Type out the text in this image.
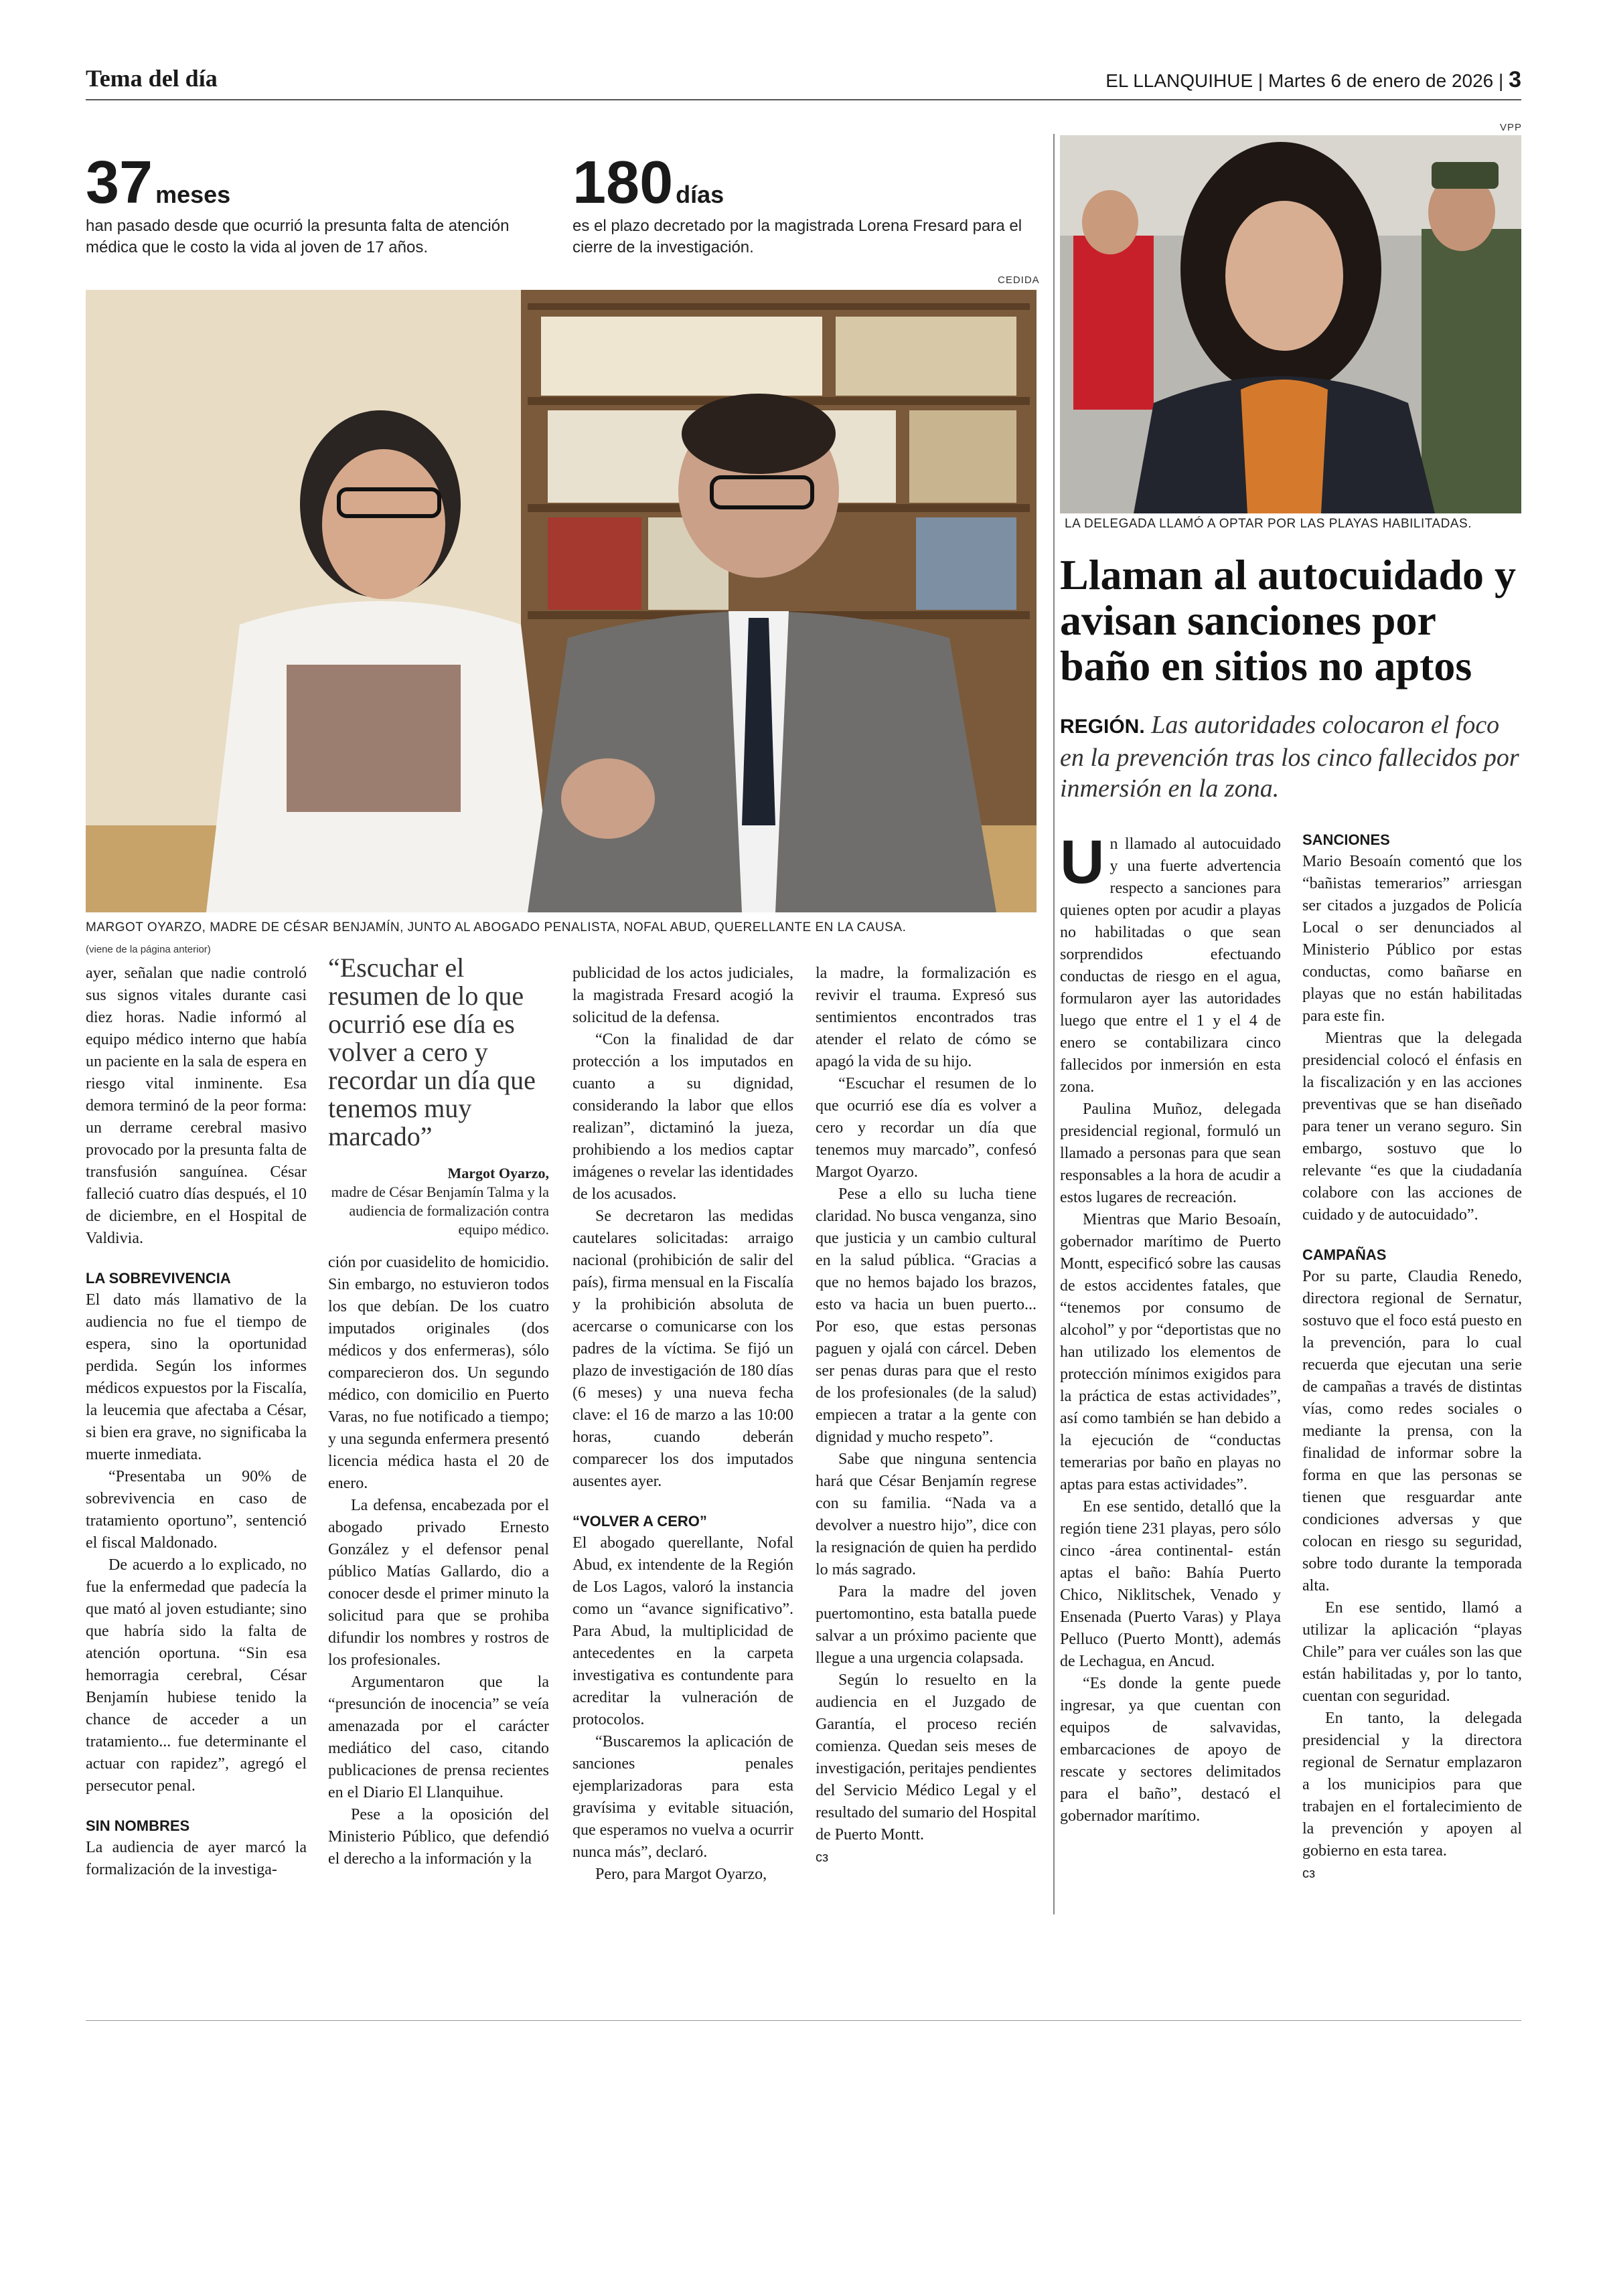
Tema del día	EL LLANQUIHUE | Martes 6 de enero de 2026 | 3
37 meses
han pasado desde que ocurrió la presunta falta de atención médica que le costo la vida al joven de 17 años.
180 días
es el plazo decretado por la magistrada Lorena Fresard para el cierre de la investigación.
CEDIDA
MARGOT OYARZO, MADRE DE CÉSAR BENJAMÍN, JUNTO AL ABOGADO PENALISTA, NOFAL ABUD, QUERELLANTE EN LA CAUSA.
(viene de la página anterior)

ayer, señalan que nadie controló sus signos vitales durante casi diez horas. Nadie informó al equipo médico interno que había un paciente en la sala de espera en riesgo vital inminente. Esa demora terminó de la peor forma: un derrame cerebral masivo provocado por la presunta falta de transfusión sanguínea. César falleció cuatro días después, el 10 de diciembre, en el Hospital de Valdivia.

LA SOBREVIVENCIA

El dato más llamativo de la audiencia no fue el tiempo de espera, sino la oportunidad perdida. Según los informes médicos expuestos por la Fiscalía, la leucemia que afectaba a César, si bien era grave, no significaba la muerte inmediata.

“Presentaba un 90% de sobrevivencia en caso de tratamiento oportuno”, sentenció el fiscal Maldonado.

De acuerdo a lo explicado, no fue la enfermedad que padecía la que mató al joven estudiante; sino que habría sido la falta de atención oportuna. “Sin esa hemorragia cerebral, César Benjamín hubiese tenido la chance de acceder a un tratamiento... fue determinante el actuar con rapidez”, agregó el persecutor penal.

SIN NOMBRES

La audiencia de ayer marcó la formalización de la investiga-

“Escuchar el resumen de lo que ocurrió ese día es volver a cero y recordar un día que tenemos muy marcado”
Margot Oyarzo,
madre de César Benjamín Talma y la audiencia de formalización contra equipo médico.

ción por cuasidelito de homicidio. Sin embargo, no estuvieron todos los que debían. De los cuatro imputados originales (dos médicos y dos enfermeras), sólo comparecieron dos. Un segundo médico, con domicilio en Puerto Varas, no fue notificado a tiempo; y una segunda enfermera presentó licencia médica hasta el 20 de enero.

La defensa, encabezada por el abogado privado Ernesto González y el defensor penal público Matías Gallardo, dio a conocer desde el primer minuto la solicitud para que se prohiba difundir los nombres y rostros de los profesionales.

Argumentaron que la “presunción de inocencia” se veía amenazada por el carácter mediático del caso, citando publicaciones de prensa recientes en el Diario El Llanquihue.

Pese a la oposición del Ministerio Público, que defendió el derecho a la información y la

publicidad de los actos judiciales, la magistrada Fresard acogió la solicitud de la defensa.

“Con la finalidad de dar protección a los imputados en cuanto a su dignidad, considerando la labor que ellos realizan”, dictaminó la jueza, prohibiendo a los medios captar imágenes o revelar las identidades de los acusados.

Se decretaron las medidas cautelares solicitadas: arraigo nacional (prohibición de salir del país), firma mensual en la Fiscalía y la prohibición absoluta de acercarse o comunicarse con los padres de la víctima. Se fijó un plazo de investigación de 180 días (6 meses) y una nueva fecha clave: el 16 de marzo a las 10:00 horas, cuando deberán comparecer los dos imputados ausentes ayer.

“VOLVER A CERO”

El abogado querellante, Nofal Abud, ex intendente de la Región de Los Lagos, valoró la instancia como un “avance significativo”. Para Abud, la multiplicidad de antecedentes en la carpeta investigativa es contundente para acreditar la vulneración de protocolos.

“Buscaremos la aplicación de sanciones penales ejemplarizadoras para esta gravísima y evitable situación, que esperamos no vuelva a ocurrir nunca más”, declaró.

Pero, para Margot Oyarzo,

la madre, la formalización es revivir el trauma. Expresó sus sentimientos encontrados tras atender el relato de cómo se apagó la vida de su hijo.

“Escuchar el resumen de lo que ocurrió ese día es volver a cero y recordar un día que tenemos muy marcado”, confesó Margot Oyarzo.

Pese a ello su lucha tiene claridad. No busca venganza, sino que justicia y un cambio cultural en la salud pública. “Gracias a que no hemos bajado los brazos, esto va hacia un buen puerto... Por eso, que estas personas paguen y ojalá con cárcel. Deben ser penas duras para que el resto de los profesionales (de la salud) empiecen a tratar a la gente con dignidad y mucho respeto”.

Sabe que ninguna sentencia hará que César Benjamín regrese con su familia. “Nada va a devolver a nuestro hijo”, dice con la resignación de quien ha perdido lo más sagrado.

Para la madre del joven puertomontino, esta batalla puede salvar a un próximo paciente que llegue a una urgencia colapsada.

Según lo resuelto en la audiencia en el Juzgado de Garantía, el proceso recién comienza. Quedan seis meses de investigación, peritajes pendientes del Servicio Médico Legal y el resultado del sumario del Hospital de Puerto Montt.

ᴄᴈ
VPP
LA DELEGADA LLAMÓ A OPTAR POR LAS PLAYAS HABILITADAS.
Llaman al autocuidado y avisan sanciones por baño en sitios no aptos
REGIÓN. Las autoridades colocaron el foco en la prevención tras los cinco fallecidos por inmersión en la zona.

Un llamado al autocuidado y una fuerte advertencia respecto a sanciones para quienes opten por acudir a playas no habilitadas o que sean sorprendidos efectuando conductas de riesgo en el agua, formularon ayer las autoridades luego que entre el 1 y el 4 de enero se contabilizara cinco fallecidos por inmersión en esta zona.

Paulina Muñoz, delegada presidencial regional, formuló un llamado a personas para que sean responsables a la hora de acudir a estos lugares de recreación.

Mientras que Mario Besoaín, gobernador marítimo de Puerto Montt, especificó sobre las causas de estos accidentes fatales, que “tenemos por consumo de alcohol” y por “deportistas que no han utilizado los elementos de protección mínimos exigidos para la práctica de estas actividades”, así como también se han debido a la ejecución de “conductas temerarias por baño en playas no aptas para estas actividades”.

En ese sentido, detalló que la región tiene 231 playas, pero sólo cinco -área continental- están aptas el baño: Bahía Puerto Chico, Niklitschek, Venado y Ensenada (Puerto Varas) y Playa Pelluco (Puerto Montt), además de Lechagua, en Ancud.

“Es donde la gente puede ingresar, ya que cuentan con equipos de salvavidas, embarcaciones de apoyo de rescate y sectores delimitados para el baño”, destacó el gobernador marítimo.

SANCIONES

Mario Besoaín comentó que los “bañistas temerarios” arriesgan ser citados a juzgados de Policía Local o ser denunciados al Ministerio Público por estas conductas, como bañarse en playas que no están habilitadas para este fin.

Mientras que la delegada presidencial colocó el énfasis en la fiscalización y en las acciones preventivas que se han diseñado para tener un verano seguro. Sin embargo, sostuvo que lo relevante “es que la ciudadanía colabore con las acciones de cuidado y de autocuidado”.

CAMPAÑAS

Por su parte, Claudia Renedo, directora regional de Sernatur, sostuvo que el foco está puesto en la prevención, para lo cual recuerda que ejecutan una serie de campañas a través de distintas vías, como redes sociales o mediante la prensa, con la finalidad de informar sobre la forma en que las personas se tienen que resguardar ante condiciones adversas y que colocan en riesgo su seguridad, sobre todo durante la temporada alta.

En ese sentido, llamó a utilizar la aplicación “playas Chile” para ver cuáles son las que están habilitadas y, por lo tanto, cuentan con seguridad.

En tanto, la delegada presidencial y la directora regional de Sernatur emplazaron a los municipios para que trabajen en el fortalecimiento de la prevención y apoyen al gobierno en esta tarea.

ᴄᴈ
